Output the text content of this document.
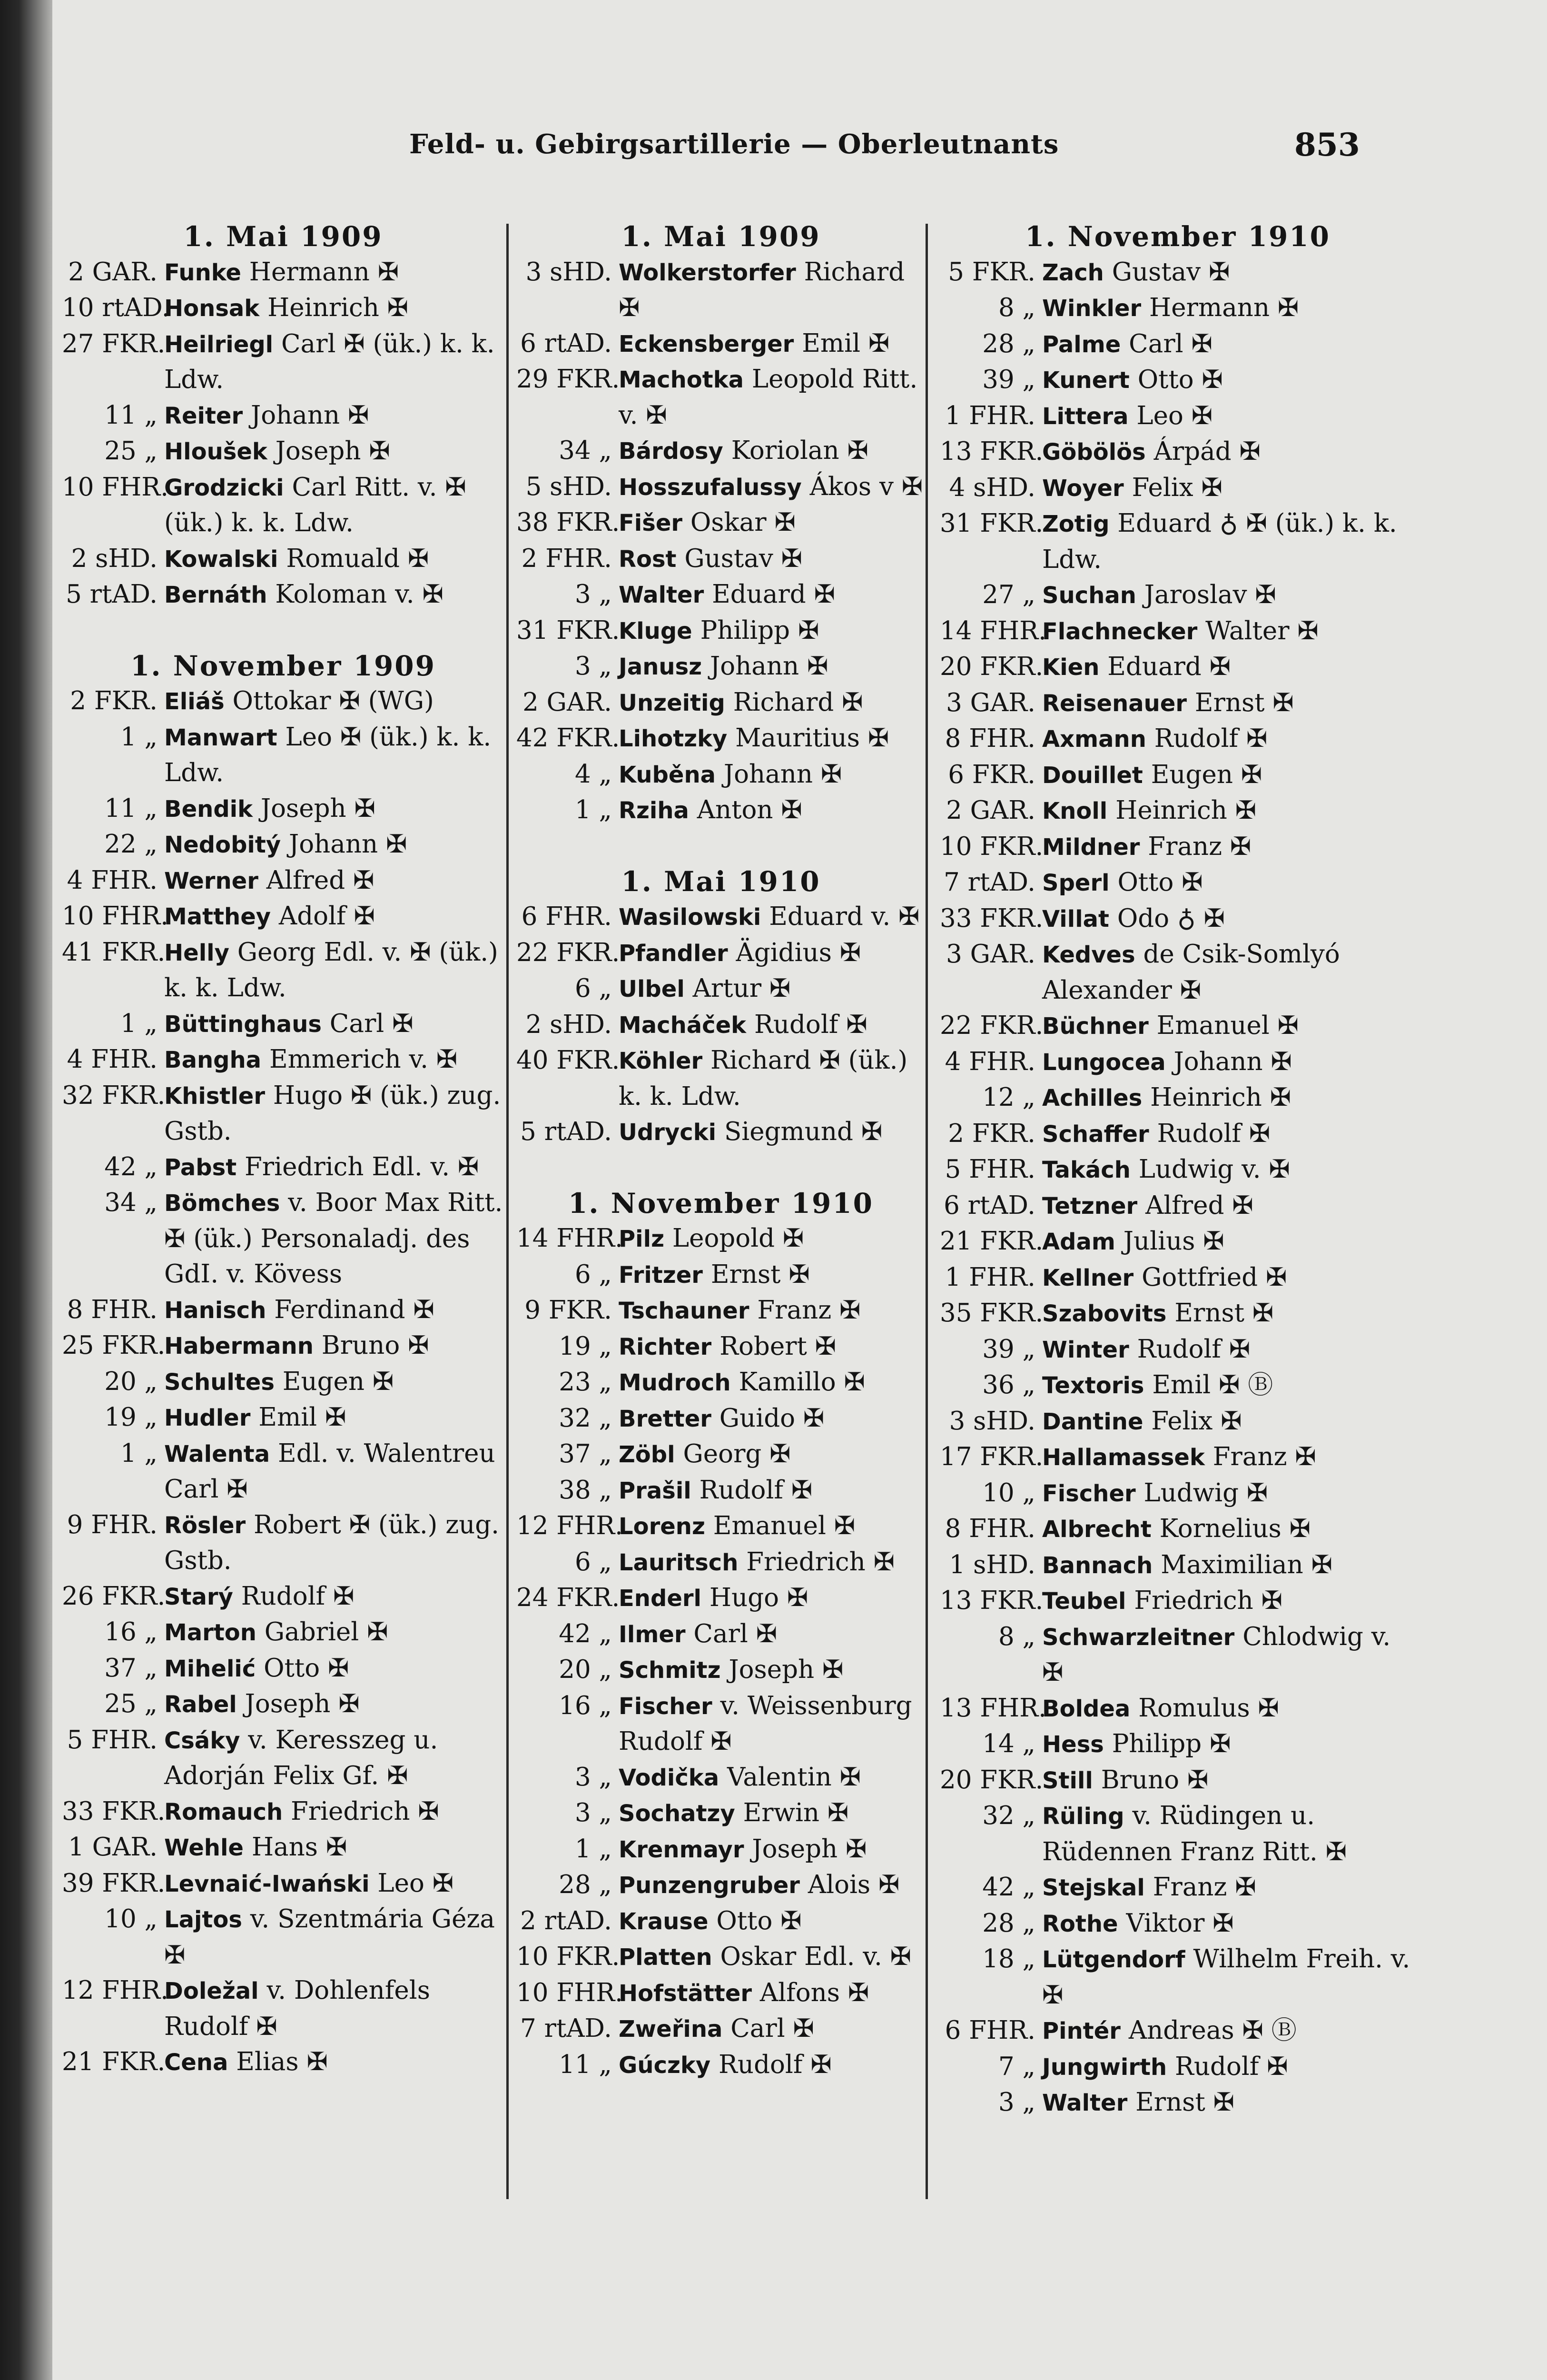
Feld- u. Gebirgsartillerie — Oberleutnants	853
1. Mai 1909
2 GAR. Funke Hermann ✠
10 rtAD.
Honsak Heinrich ✠
27 FKR.
Heilriegl Carl ✠ (ük.) k. k. Ldw.
11 „ Reiter Johann ✠
25 „ Hloušek Joseph ✠
10 FHR.
Grodzicki Carl Ritt. v. ✠ (ük.) k. k. Ldw.
2 sHD. Kowalski Romuald ✠
5 rtAD. Bernáth Koloman v. ✠
1. November 1909
2 FKR. Eliáš Ottokar ✠ (WG)
1 „ Manwart Leo ✠ (ük.) k. k. Ldw.
11 „ Bendik Joseph ✠
22 „ Nedobitý Johann ✠
4 FHR. Werner Alfred ✠
10 FHR.
Matthey Adolf ✠
41 FKR.
Helly Georg Edl. v. ✠ (ük.) k. k. Ldw.
1 „ Büttinghaus Carl ✠
4 FHR. Bangha Emmerich v. ✠
32 FKR.
Khistler Hugo ✠ (ük.) zug. Gstb.
42 „ Pabst Friedrich Edl. v. ✠
34 „ Bömches v. Boor Max Ritt. ✠ (ük.) Personaladj. des GdI. v. Kövess
8 FHR. Hanisch Ferdinand ✠
25 FKR.
Habermann Bruno ✠
20 „ Schultes Eugen ✠
19 „ Hudler Emil ✠
1 „ Walenta Edl. v. Walentreu Carl ✠
9 FHR. Rösler Robert ✠ (ük.) zug. Gstb.
26 FKR.
Starý Rudolf ✠
16 „ Marton Gabriel ✠
37 „ Mihelić Otto ✠
25 „ Rabel Joseph ✠
5 FHR. Csáky v. Keresszeg u. Adorján Felix Gf. ✠
33 FKR.
Romauch Friedrich ✠
1 GAR. Wehle Hans ✠
39 FKR.
Levnaić-Iwański Leo ✠
10 „ Lajtos v. Szentmária Géza ✠
12 FHR.
Doležal v. Dohlenfels Rudolf ✠
21 FKR.
Cena Elias ✠
1. Mai 1909
3 sHD. Wolkerstorfer Richard ✠
6 rtAD. Eckensberger Emil ✠
29 FKR.
Machotka Leopold Ritt. v. ✠
34 „ Bárdosy Koriolan ✠
5 sHD. Hosszufalussy Ákos v ✠
38 FKR.
Fišer Oskar ✠
2 FHR. Rost Gustav ✠
3 „ Walter Eduard ✠
31 FKR.
Kluge Philipp ✠
3 „ Janusz Johann ✠
2 GAR. Unzeitig Richard ✠
42 FKR.
Lihotzky Mauritius ✠
4 „ Kuběna Johann ✠
1 „ Rziha Anton ✠
1. Mai 1910
6 FHR. Wasilowski Eduard v. ✠
22 FKR.
Pfandler Ägidius ✠
6 „ Ulbel Artur ✠
2 sHD. Macháček Rudolf ✠
40 FKR.
Köhler Richard ✠ (ük.) k. k. Ldw.
5 rtAD. Udrycki Siegmund ✠
1. November 1910
14 FHR.
Pilz Leopold ✠
6 „ Fritzer Ernst ✠
9 FKR. Tschauner Franz ✠
19 „ Richter Robert ✠
23 „ Mudroch Kamillo ✠
32 „ Bretter Guido ✠
37 „ Zöbl Georg ✠
38 „ Prašil Rudolf ✠
12 FHR.
Lorenz Emanuel ✠
6 „ Lauritsch Friedrich ✠
24 FKR.
Enderl Hugo ✠
42 „ Ilmer Carl ✠
20 „ Schmitz Joseph ✠
16 „ Fischer v. Weissenburg Rudolf ✠
3 „ Vodička Valentin ✠
3 „ Sochatzy Erwin ✠
1 „ Krenmayr Joseph ✠
28 „ Punzengruber Alois ✠
2 rtAD. Krause Otto ✠
10 FKR.
Platten Oskar Edl. v. ✠
10 FHR.
Hofstätter Alfons ✠
7 rtAD. Zweřina Carl ✠
11 „ Gúczky Rudolf ✠
1. November 1910
5 FKR. Zach Gustav ✠
8 „ Winkler Hermann ✠
28 „ Palme Carl ✠
39 „ Kunert Otto ✠
1 FHR. Littera Leo ✠
13 FKR.
Göbölös Árpád ✠
4 sHD. Woyer Felix ✠
31 FKR.
Zotig Eduard ♁ ✠ (ük.) k. k. Ldw.
27 „ Suchan Jaroslav ✠
14 FHR.
Flachnecker Walter ✠
20 FKR.
Kien Eduard ✠
3 GAR. Reisenauer Ernst ✠
8 FHR. Axmann Rudolf ✠
6 FKR. Douillet Eugen ✠
2 GAR. Knoll Heinrich ✠
10 FKR.
Mildner Franz ✠
7 rtAD. Sperl Otto ✠
33 FKR.
Villat Odo ♁ ✠
3 GAR. Kedves de Csik-Somlyó Alexander ✠
22 FKR.
Büchner Emanuel ✠
4 FHR. Lungocea Johann ✠
12 „ Achilles Heinrich ✠
2 FKR. Schaffer Rudolf ✠
5 FHR. Takách Ludwig v. ✠
6 rtAD. Tetzner Alfred ✠
21 FKR.
Adam Julius ✠
1 FHR. Kellner Gottfried ✠
35 FKR.
Szabovits Ernst ✠
39 „ Winter Rudolf ✠
36 „ Textoris Emil ✠ Ⓑ
3 sHD. Dantine Felix ✠
17 FKR.
Hallamassek Franz ✠
10 „ Fischer Ludwig ✠
8 FHR. Albrecht Kornelius ✠
1 sHD. Bannach Maximilian ✠
13 FKR.
Teubel Friedrich ✠
8 „ Schwarzleitner Chlodwig v. ✠
13 FHR.
Boldea Romulus ✠
14 „ Hess Philipp ✠
20 FKR.
Still Bruno ✠
32 „ Rüling v. Rüdingen u. Rüdennen Franz Ritt. ✠
42 „ Stejskal Franz ✠
28 „ Rothe Viktor ✠
18 „ Lütgendorf Wilhelm Freih. v. ✠
6 FHR. Pintér Andreas ✠ Ⓑ
7 „ Jungwirth Rudolf ✠
3 „ Walter Ernst ✠
